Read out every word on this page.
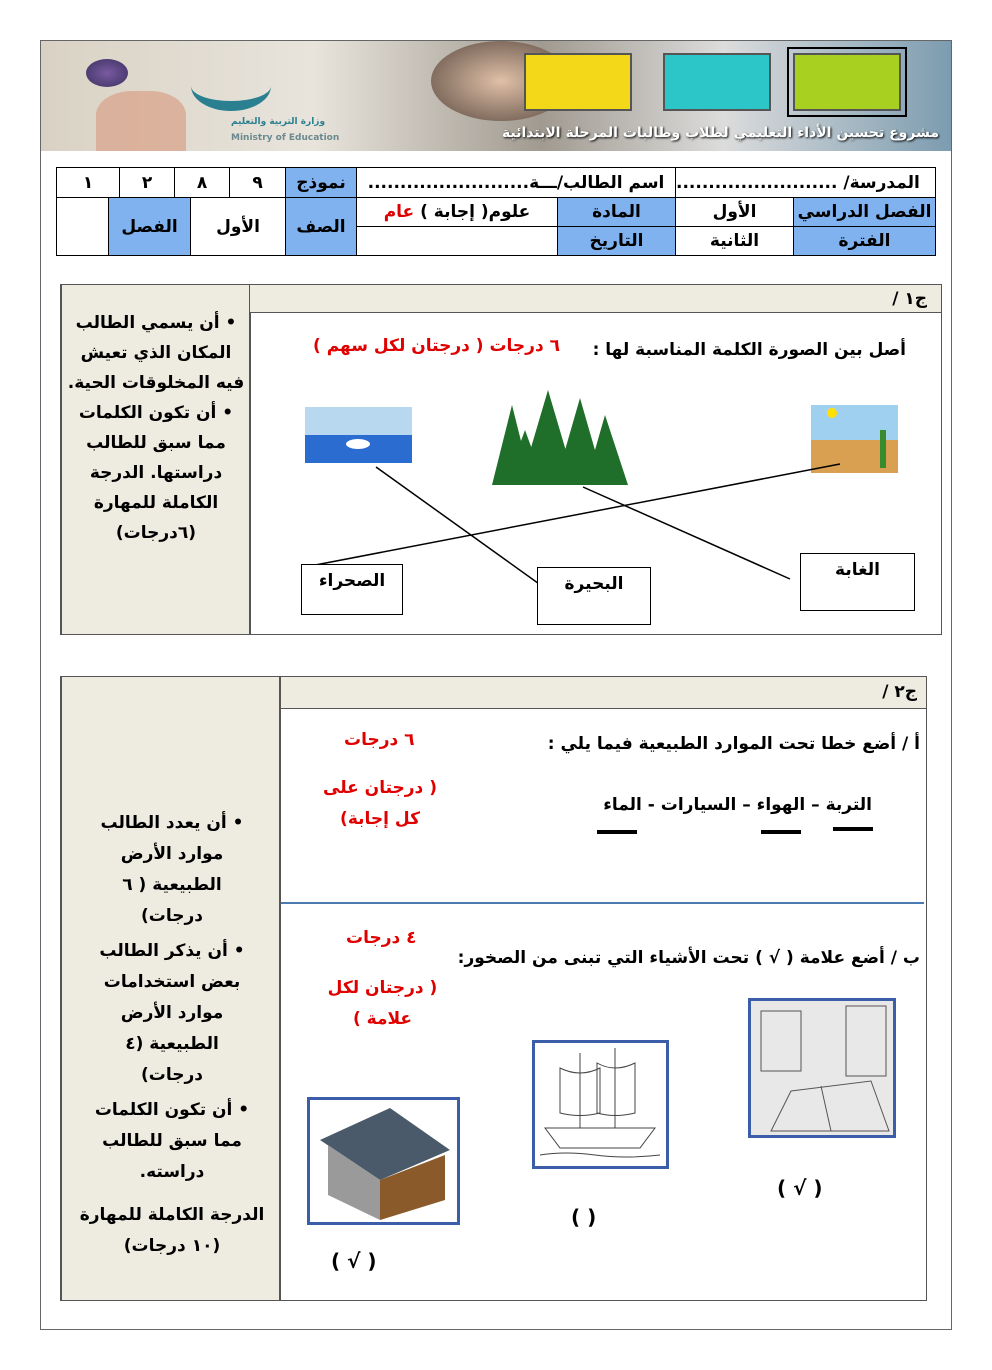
وزارة التربية والتعليم
Ministry of Education	مشروع تحسين الأداء التعليمي لطلاب وطالبات المرحلة الابتدائية
المدرسة/ .........................
اسم الطالب/ـــة.........................
نموذج
٩
٨
٢
١
الفصل الدراسي
الأول
المادة
علوم( إجابة )

عام
الصف
الأول
الفصل
الفترة
الثانية
التاريخ
ج١ /
• أن يسمي الطالب المكان الذي تعيش فيه المخلوقات الحية. • أن تكون الكلمات مما سبق للطالب دراستها. الدرجة الكاملة للمهارة (٦درجات)
أصل بين الصورة الكلمة المناسبة لها :
٦ درجات ( درجتان لكل سهم )
الغابة
البحيرة
الصحراء
ج٢ /
• أن يعدد الطالب موارد الأرض الطبيعية ( ٦ درجات)
• أن يذكر الطالب بعض استخدامات موارد الأرض الطبيعية (٤ درجات)
• أن تكون الكلمات مما سبق للطالب دراسته.
الدرجة الكاملة للمهارة (١٠ درجات)
أ / أضع خطا تحت الموارد الطبيعية فيما يلي :
٦ درجات
( درجتان على كل إجابة)
التربة – الهواء – السيارات - الماء
ب / أضع علامة ( √ ) تحت الأشياء التي تبنى من الصخور:
٤ درجات
( درجتان لكل علامة )
( √ )
( )
( √ )
